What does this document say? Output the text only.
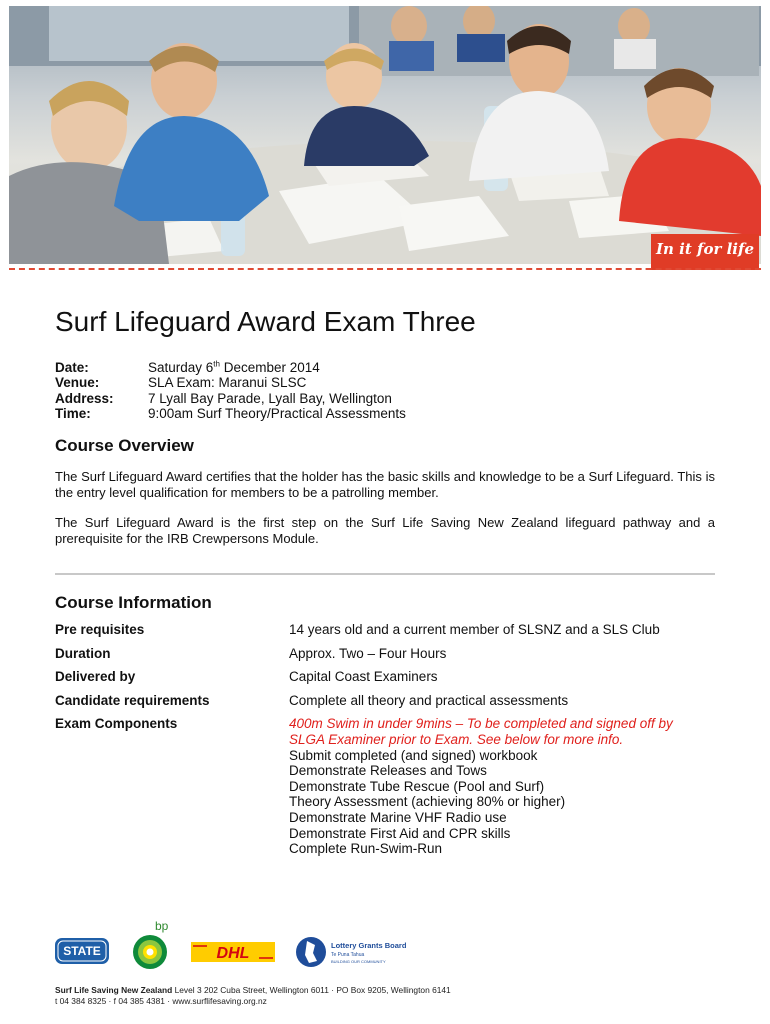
In it for life
Surf Lifeguard Award Exam Three
Date:	Saturday 6th December 2014
Venue:	SLA Exam: Maranui SLSC
Address:	7 Lyall Bay Parade, Lyall Bay, Wellington
Time:	9:00am Surf Theory/Practical Assessments
Course Overview

The Surf Lifeguard Award certifies that the holder has the basic skills and knowledge to be a Surf Lifeguard. This is the entry level qualification for members to be a patrolling member.

The Surf Lifeguard Award is the first step on the Surf Life Saving New Zealand lifeguard pathway and a prerequisite for the IRB Crewpersons Module.

Course Information
Pre requisites	14 years old and a current member of SLSNZ and a SLS Club
Duration	Approx. Two – Four Hours
Delivered by	Capital Coast Examiners
Candidate requirements	Complete all theory and practical assessments
Exam Components	400m Swim in under 9mins – To be completed and signed off by SLGA Examiner prior to Exam. See below for more info.
Submit completed (and signed) workbook
Demonstrate Releases and Tows
Demonstrate Tube Rescue (Pool and Surf)
Theory Assessment (achieving 80% or higher)
Demonstrate Marine VHF Radio use
Demonstrate First Aid and CPR skills
Complete Run-Swim-Run
STATE
bp
DHL	Lottery Grants Board
Te Puna Tahua
BUILDING OUR COMMUNITY
Surf Life Saving New Zealand Level 3 202 Cuba Street, Wellington 6011 · PO Box 9205, Wellington 6141
t 04 384 8325 · f 04 385 4381 · www.surflifesaving.org.nz
